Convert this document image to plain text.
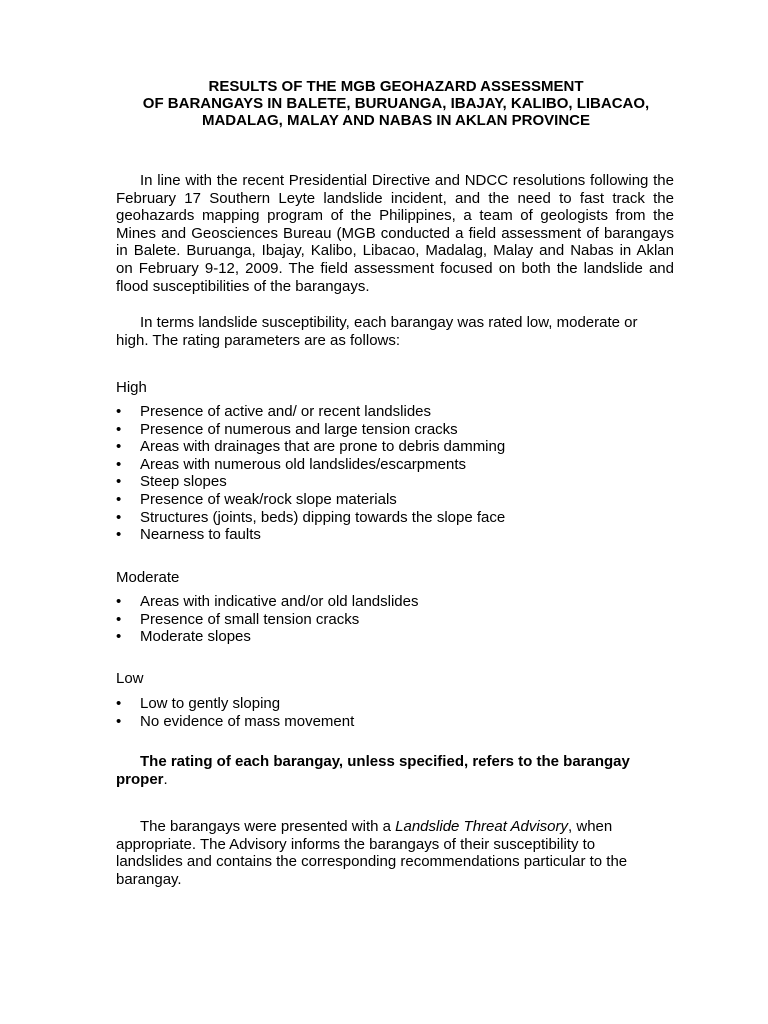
RESULTS OF THE MGB GEOHAZARD ASSESSMENT
OF BARANGAYS IN BALETE, BURUANGA, IBAJAY, KALIBO, LIBACAO,
MADALAG, MALAY AND NABAS IN AKLAN PROVINCE

In line with the recent Presidential Directive and NDCC resolutions following the February 17 Southern Leyte landslide incident, and the need to fast track the geohazards mapping program of the Philippines, a team of geologists from the Mines and Geosciences Bureau (MGB conducted a field assessment of barangays in Balete. Buruanga, Ibajay, Kalibo, Libacao, Madalag, Malay and Nabas in Aklan on February 9-12, 2009. The field assessment focused on both the landslide and flood susceptibilities of the barangays.

In terms landslide susceptibility, each barangay was rated low, moderate or high. The rating parameters are as follows:

High

• Presence of active and/ or recent landslides
• Presence of numerous and large tension cracks
• Areas with drainages that are prone to debris damming
• Areas with numerous old landslides/escarpments
• Steep slopes
• Presence of weak/rock slope materials
• Structures (joints, beds) dipping towards the slope face
• Nearness to faults

Moderate

• Areas with indicative and/or old landslides
• Presence of small tension cracks
• Moderate slopes

Low

• Low to gently sloping
• No evidence of mass movement

The rating of each barangay, unless specified, refers to the barangay proper.

The barangays were presented with a Landslide Threat Advisory, when appropriate. The Advisory informs the barangays of their susceptibility to landslides and contains the corresponding recommendations particular to the barangay.
